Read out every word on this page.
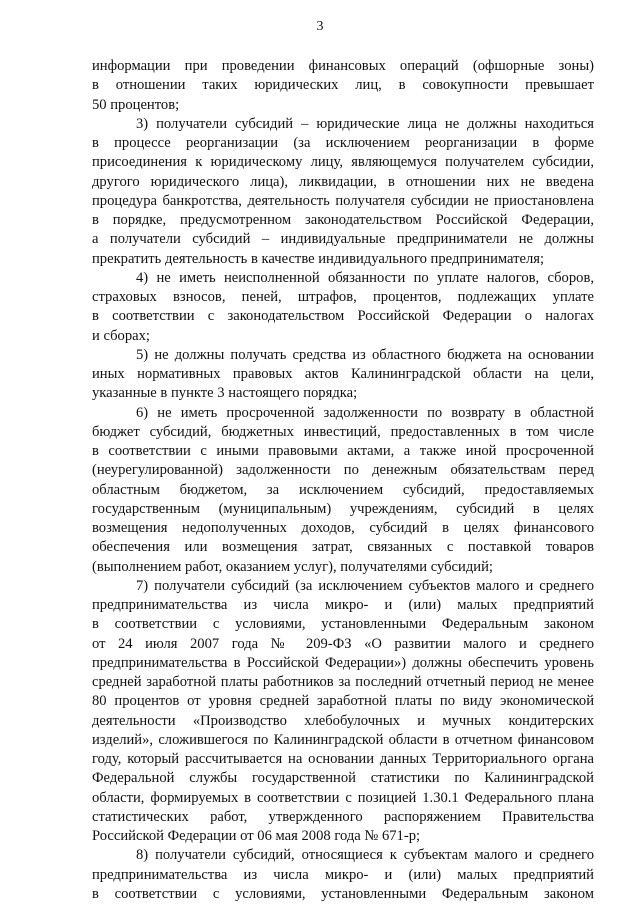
3
информации при проведении финансовых операций (офшорные зоны)
в отношении таких юридических лиц, в совокупности превышает
50 процентов;
3) получатели субсидий – юридические лица не должны находиться
в процессе реорганизации (за исключением реорганизации в форме
присоединения к юридическому лицу, являющемуся получателем субсидии,
другого юридического лица), ликвидации, в отношении них не введена
процедура банкротства, деятельность получателя субсидии не приостановлена
в порядке, предусмотренном законодательством Российской Федерации,
а получатели субсидий – индивидуальные предприниматели не должны
прекратить деятельность в качестве индивидуального предпринимателя;
4) не иметь неисполненной обязанности по уплате налогов, сборов,
страховых взносов, пеней, штрафов, процентов, подлежащих уплате
в соответствии с законодательством Российской Федерации о налогах
и сборах;
5) не должны получать средства из областного бюджета на основании
иных нормативных правовых актов Калининградской области на цели,
указанные в пункте 3 настоящего порядка;
6) не иметь просроченной задолженности по возврату в областной
бюджет субсидий, бюджетных инвестиций, предоставленных в том числе
в соответствии с иными правовыми актами, а также иной просроченной
(неурегулированной) задолженности по денежным обязательствам перед
областным бюджетом, за исключением субсидий, предоставляемых
государственным (муниципальным) учреждениям, субсидий в целях
возмещения недополученных доходов, субсидий в целях финансового
обеспечения или возмещения затрат, связанных с поставкой товаров
(выполнением работ, оказанием услуг), получателями субсидий;
7) получатели субсидий (за исключением субъектов малого и среднего
предпринимательства из числа микро- и (или) малых предприятий
в соответствии с условиями, установленными Федеральным законом
от 24 июля 2007 года № 209-ФЗ «О развитии малого и среднего
предпринимательства в Российской Федерации») должны обеспечить уровень
средней заработной платы работников за последний отчетный период не менее
80 процентов от уровня средней заработной платы по виду экономической
деятельности «Производство хлебобулочных и мучных кондитерских
изделий», сложившегося по Калининградской области в отчетном финансовом
году, который рассчитывается на основании данных Территориального органа
Федеральной службы государственной статистики по Калининградской
области, формируемых в соответствии с позицией 1.30.1 Федерального плана
статистических работ, утвержденного распоряжением Правительства
Российской Федерации от 06 мая 2008 года № 671-р;
8) получатели субсидий, относящиеся к субъектам малого и среднего
предпринимательства из числа микро- и (или) малых предприятий
в соответствии с условиями, установленными Федеральным законом
